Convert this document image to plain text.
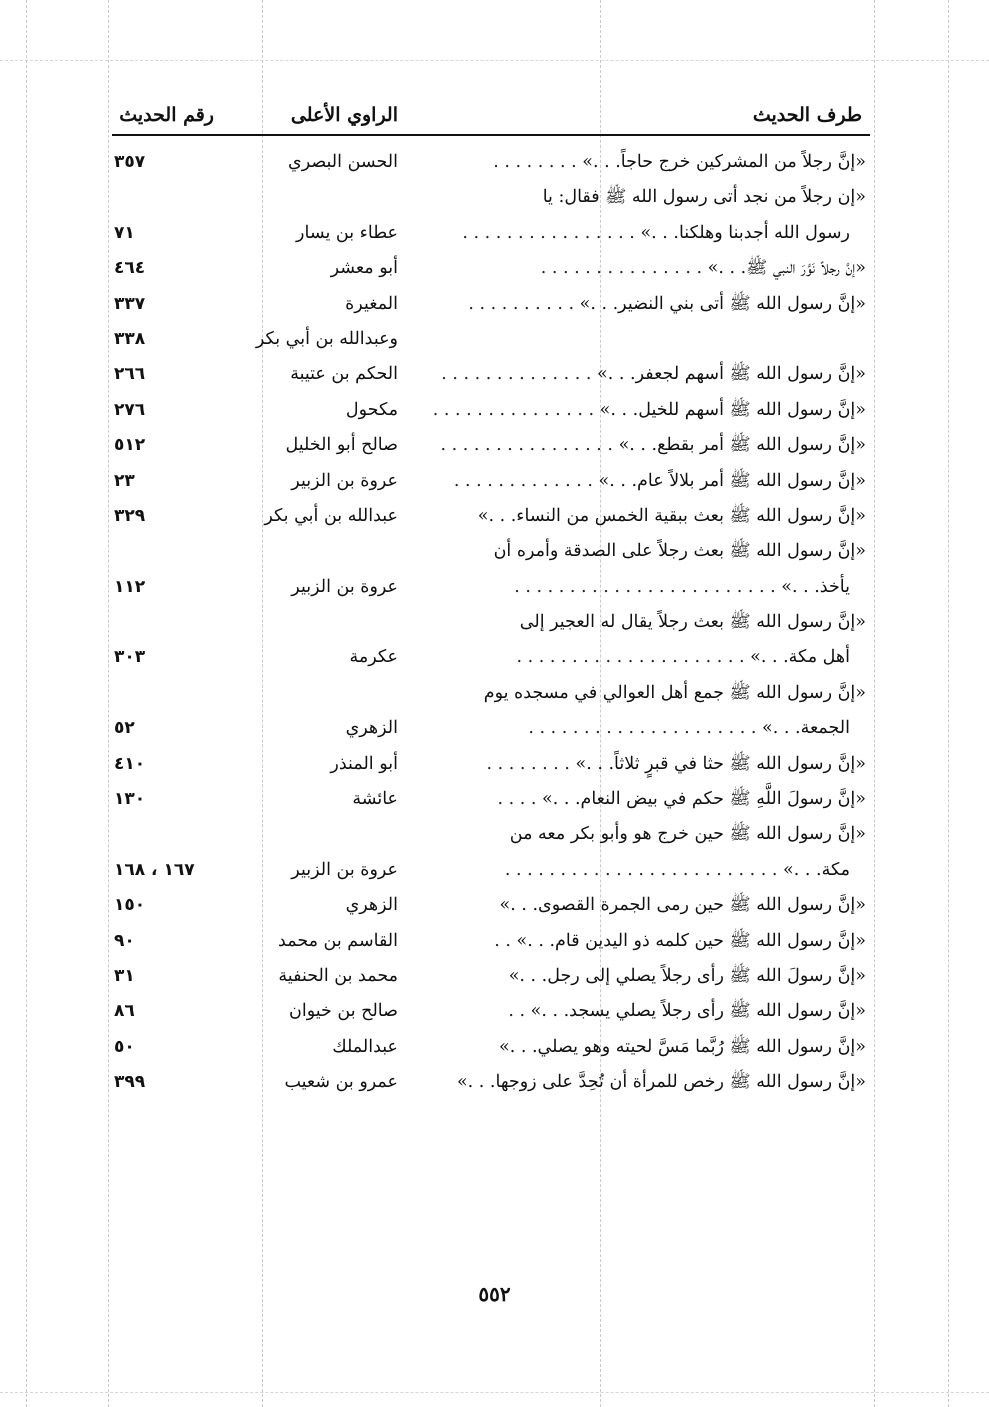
طرف الحديث
الراوي الأعلى
رقم الحديث
«إنَّ رجلاً من المشركين خرج حاجاً. . .» . . . . . . . .
الحسن البصري
٣٥٧
«إن رجلاً من نجد أتى رسول الله ﷺ فقال: يا
رسول الله أجدبنا وهلكنا. . .» . . . . . . . . . . . . . . . .
عطاء بن يسار
٧١
«إنَّ رجلاً نَوَّرَ النبي ﷺ. . .» . . . . . . . . . . . . . . .
أبو معشر
٤٦٤
«إنَّ رسول الله ﷺ أتى بني النضير. . .» . . . . . . . . . .
المغيرة
٣٣٧
وعبدالله بن أبي بكر
٣٣٨
«إنَّ رسول الله ﷺ أسهم لجعفر. . .» . . . . . . . . . . . . . .
الحكم بن عتيبة
٢٦٦
«إنَّ رسول الله ﷺ أسهم للخيل. . .» . . . . . . . . . . . . . . .
مكحول
٢٧٦
«إنَّ رسول الله ﷺ أمر بقطع. . .» . . . . . . . . . . . . . . . .
صالح أبو الخليل
٥١٢
«إنَّ رسول الله ﷺ أمر بلالاً عام. . .» . . . . . . . . . . . . .
عروة بن الزبير
٢٣
«إنَّ رسول الله ﷺ بعث ببقية الخمس من النساء. . .»
عبدالله بن أبي بكر
٣٢٩
«إنَّ رسول الله ﷺ بعث رجلاً على الصدقة وأمره أن
يأخذ. . .» . . . . . . . . . . . . . . . . . . . . . . . .
عروة بن الزبير
١١٢
«إنَّ رسول الله ﷺ بعث رجلاً يقال له العجير إلى
أهل مكة. . .» . . . . . . . . . . . . . . . . . . . . .
عكرمة
٣٠٣
«إنَّ رسول الله ﷺ جمع أهل العوالي في مسجده يوم
الجمعة. . .» . . . . . . . . . . . . . . . . . . . . .
الزهري
٥٢
«إنَّ رسول الله ﷺ حثا في قبرٍ ثلاثاً. . .» . . . . . . . .
أبو المنذر
٤١٠
«إنَّ رسولَ اللَّهِ ﷺ حكم في بيض النعام. . .» . . . .
عائشة
١٣٠
«إنَّ رسول الله ﷺ حين خرج هو وأبو بكر معه من
مكة. . .» . . . . . . . . . . . . . . . . . . . . . . . . .
عروة بن الزبير
١٦٧ ، ١٦٨
«إنَّ رسول الله ﷺ حين رمى الجمرة القصوى. . .»
الزهري
١٥٠
«إنَّ رسول الله ﷺ حين كلمه ذو اليدين قام. . .» . .
القاسم بن محمد
٩٠
«إنَّ رسولَ الله ﷺ رأى رجلاً يصلي إلى رجل. . .»
محمد بن الحنفية
٣١
«إنَّ رسول الله ﷺ رأى رجلاً يصلي يسجد. . .» . .
صالح بن خيوان
٨٦
«إنَّ رسول الله ﷺ رُبَّما مَسَّ لحيته وهو يصلي. . .»
عبدالملك
٥٠
«إنَّ رسول الله ﷺ رخص للمرأة أن تُحِدَّ على زوجها. . .»
عمرو بن شعيب
٣٩٩
٥٥٢
